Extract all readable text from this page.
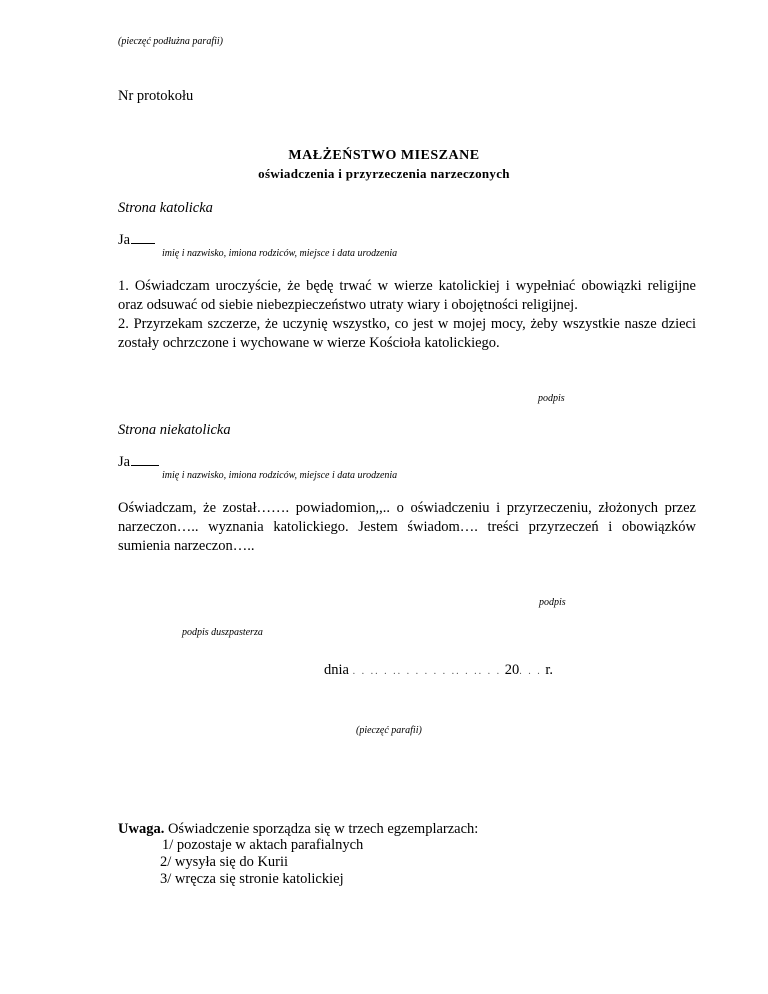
(pieczęć podłużna parafii)
Nr protokołu
MAŁŻEŃSTWO MIESZANE
oświadczenia i przyrzeczenia narzeczonych
Strona katolicka
Ja
imię i nazwisko, imiona rodziców, miejsce i data urodzenia
1. Oświadczam uroczyście, że będę trwać w wierze katolickiej i wypełniać obowiązki religijne oraz odsuwać od siebie niebezpieczeństwo utraty wiary i obojętności religijnej.
2. Przyrzekam szczerze, że uczynię wszystko, co jest w mojej mocy, żeby wszystkie nasze dzieci zostały ochrzczone i wychowane w wierze Kościoła katolickiego.
podpis
Strona niekatolicka
Ja
imię i nazwisko, imiona rodziców, miejsce i data urodzenia
Oświadczam, że został……. powiadomion,,.. o oświadczeniu i przyrzeczeniu, złożonych przez narzeczon….. wyznania katolickiego. Jestem świadom…. treści przyrzeczeń i obowiązków sumienia narzeczon…..
podpis
podpis duszpasterza
dnia . . .. . .. . . . . . .. . .. . . 20. . . r.
(pieczęć parafii)
Uwaga. Oświadczenie sporządza się w trzech egzemplarzach:
1/ pozostaje w aktach parafialnych
2/ wysyła się do Kurii
3/ wręcza się stronie katolickiej
